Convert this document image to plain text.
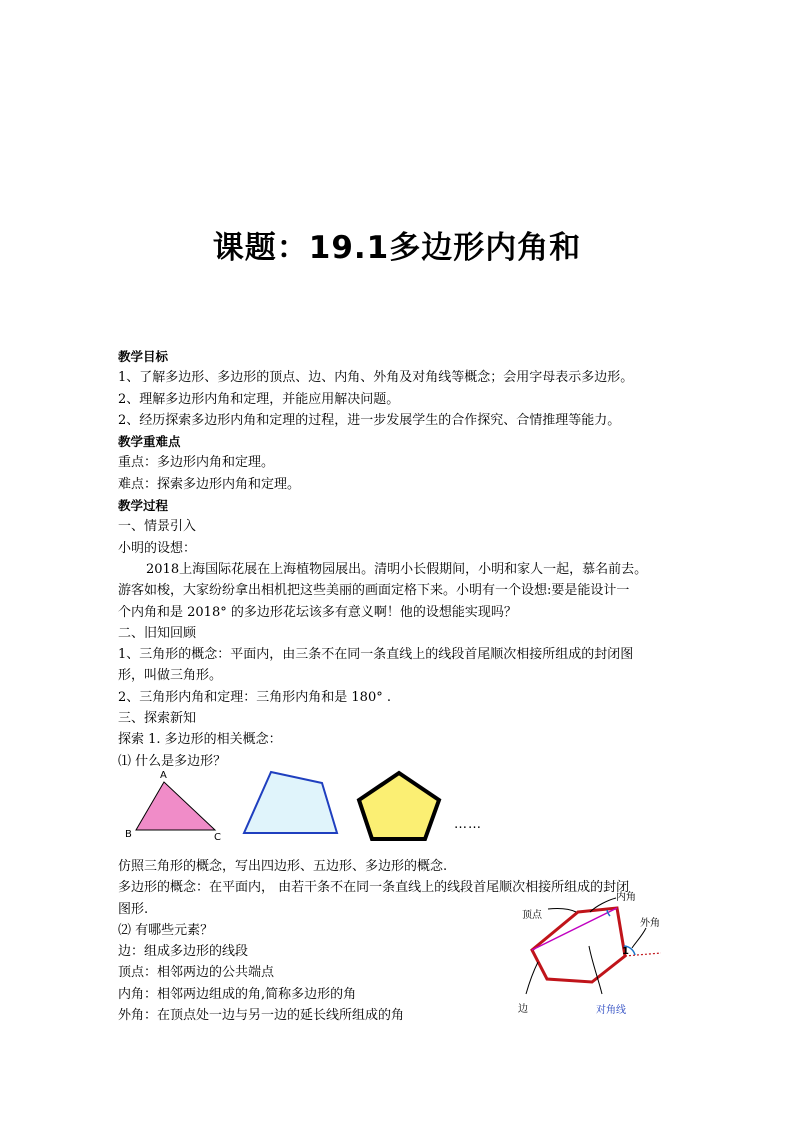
课题：19.1多边形内角和
教学目标
1、了解多边形、多边形的顶点、边、内角、外角及对角线等概念；会用字母表示多边形。
2、理解多边形内角和定理，并能应用解决问题。
2、经历探索多边形内角和定理的过程，进一步发展学生的合作探究、合情推理等能力。
教学重难点
重点：多边形内角和定理。
难点：探索多边形内角和定理。
教学过程
一、情景引入
小明的设想：
2018上海国际花展在上海植物园展出。清明小长假期间，小明和家人一起，慕名前去。
游客如梭，大家纷纷拿出相机把这些美丽的画面定格下来。小明有一个设想:要是能设计一
个内角和是 2018° 的多边形花坛该多有意义啊！他的设想能实现吗？
二、旧知回顾
1、三角形的概念：平面内，由三条不在同一条直线上的线段首尾顺次相接所组成的封闭图
形，叫做三角形。
2、三角形内角和定理：三角形内角和是 180° .
三、探索新知
探索 1. 多边形的相关概念：
⑴ 什么是多边形？
仿照三角形的概念，写出四边形、五边形、多边形的概念.
多边形的概念：在平面内， 由若干条不在同一条直线上的线段首尾顺次相接所组成的封闭
图形.
⑵ 有哪些元素？
边：组成多边形的线段
顶点：相邻两边的公共端点
内角：相邻两边组成的角,简称多边形的角
外角：在顶点处一边与另一边的延长线所组成的角
A
B	C
……
顶点
内角
外角
1
边	对角线
